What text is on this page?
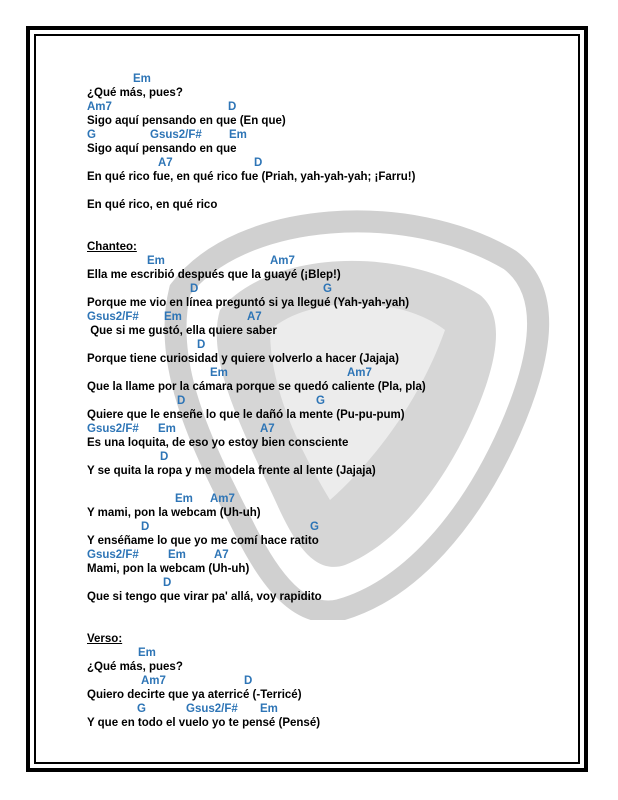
Em
¿Qué más, pues?
Am7	D
Sigo aquí pensando en que (En que)
G	Gsus2/F# Em
Sigo aquí pensando en que
A7	D
En qué rico fue, en qué rico fue (Priah, yah-yah-yah; ¡Farru!)
En qué rico, en qué rico
Chanteo:
Em	Am7
Ella me escribió después que la guayé (¡Blep!)
D	G
Porque me vio en línea preguntó si ya llegué (Yah-yah-yah)
Gsus2/F# Em	A7
Que si me gustó, ella quiere saber
D
Porque tiene curiosidad y quiere volverlo a hacer (Jajaja)
Em	Am7
Que la llame por la cámara porque se quedó caliente (Pla, pla)
D	G
Quiere que le enseñe lo que le dañó la mente (Pu-pu-pum)
Gsus2/F# Em	A7
Es una loquita, de eso yo estoy bien consciente
D
Y se quita la ropa y me modela frente al lente (Jajaja)
Em Am7
Y mami, pon la webcam (Uh-uh)
D	G
Y enséñame lo que yo me comí hace ratito
Gsus2/F#	Em A7
Mami, pon la webcam (Uh-uh)
D
Que si tengo que virar pa' allá, voy rapidito
Verso:
Em
¿Qué más, pues?
Am7	D
Quiero decirte que ya aterricé (-Terricé)
G	Gsus2/F# Em
Y que en todo el vuelo yo te pensé (Pensé)
